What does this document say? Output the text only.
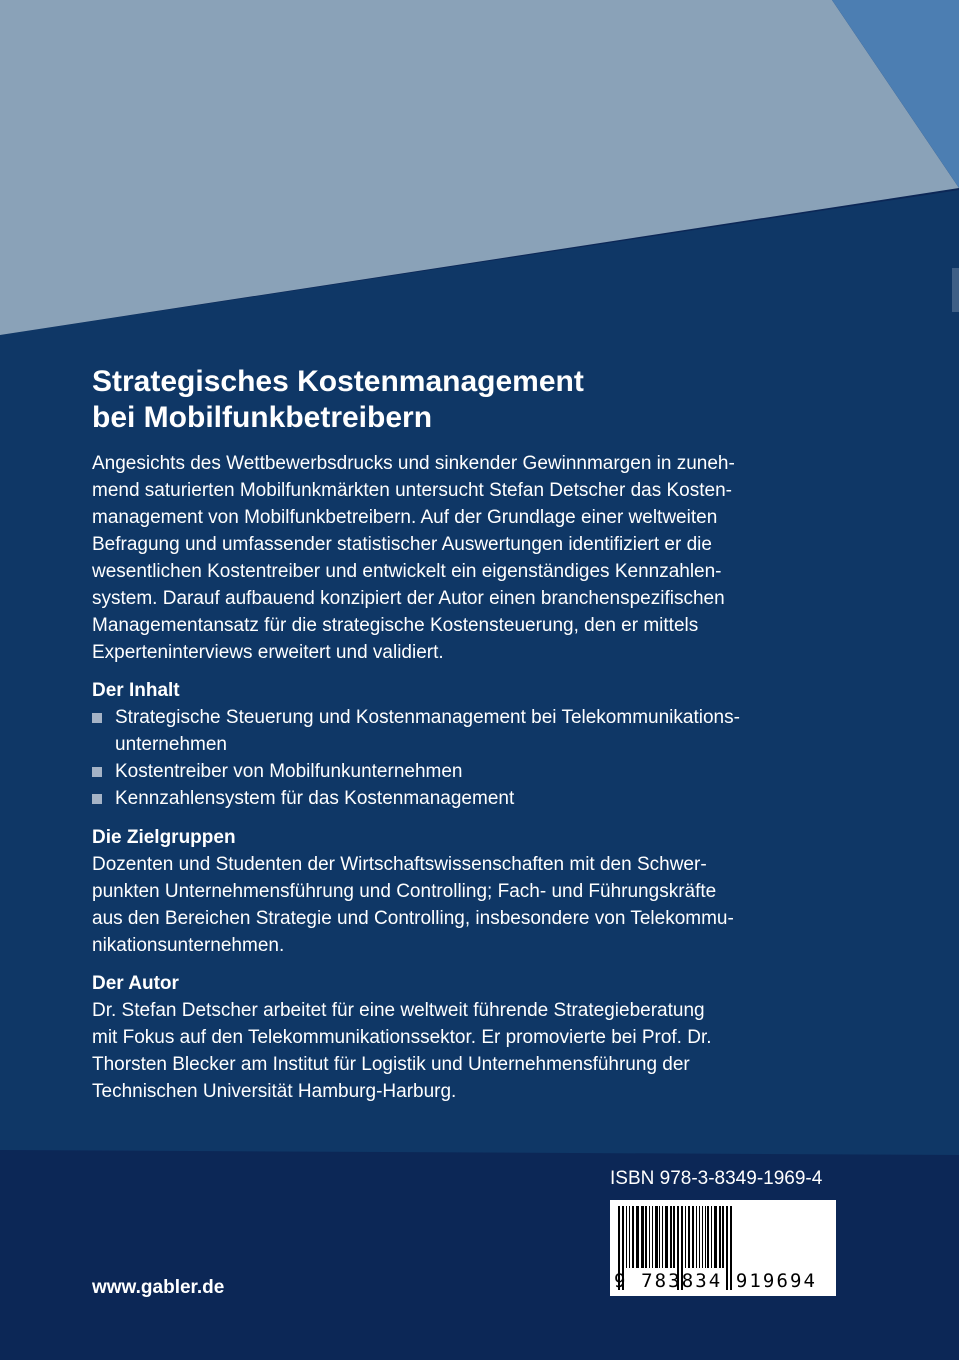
Strategisches Kostenmanagement
bei Mobilfunkbetreibern
Angesichts des Wettbewerbsdrucks und sinkender Gewinnmargen in zuneh-
mend saturierten Mobilfunkmärkten untersucht Stefan Detscher das Kosten-
management von Mobilfunkbetreibern. Auf der Grundlage einer weltweiten
Befragung und umfassender statistischer Auswertungen identifiziert er die
wesentlichen Kostentreiber und entwickelt ein eigenständiges Kennzahlen-
system. Darauf aufbauend konzipiert der Autor einen branchenspezifischen
Managementansatz für die strategische Kostensteuerung, den er mittels
Experteninterviews erweitert und validiert.
Der Inhalt
Strategische Steuerung und Kostenmanagement bei Telekommunikations-
unternehmen
Kostentreiber von Mobilfunkunternehmen
Kennzahlensystem für das Kostenmanagement
Die Zielgruppen
Dozenten und Studenten der Wirtschaftswissenschaften mit den Schwer-
punkten Unternehmensführung und Controlling; Fach- und Führungskräfte
aus den Bereichen Strategie und Controlling, insbesondere von Telekommu-
nikationsunternehmen.
Der Autor
Dr. Stefan Detscher arbeitet für eine weltweit führende Strategieberatung
mit Fokus auf den Telekommunikationssektor. Er promovierte bei Prof. Dr.
Thorsten Blecker am Institut für Logistik und Unternehmensführung der
Technischen Universität Hamburg-Harburg.
ISBN 978-3-8349-1969-4
9 783834 919694
www.gabler.de
